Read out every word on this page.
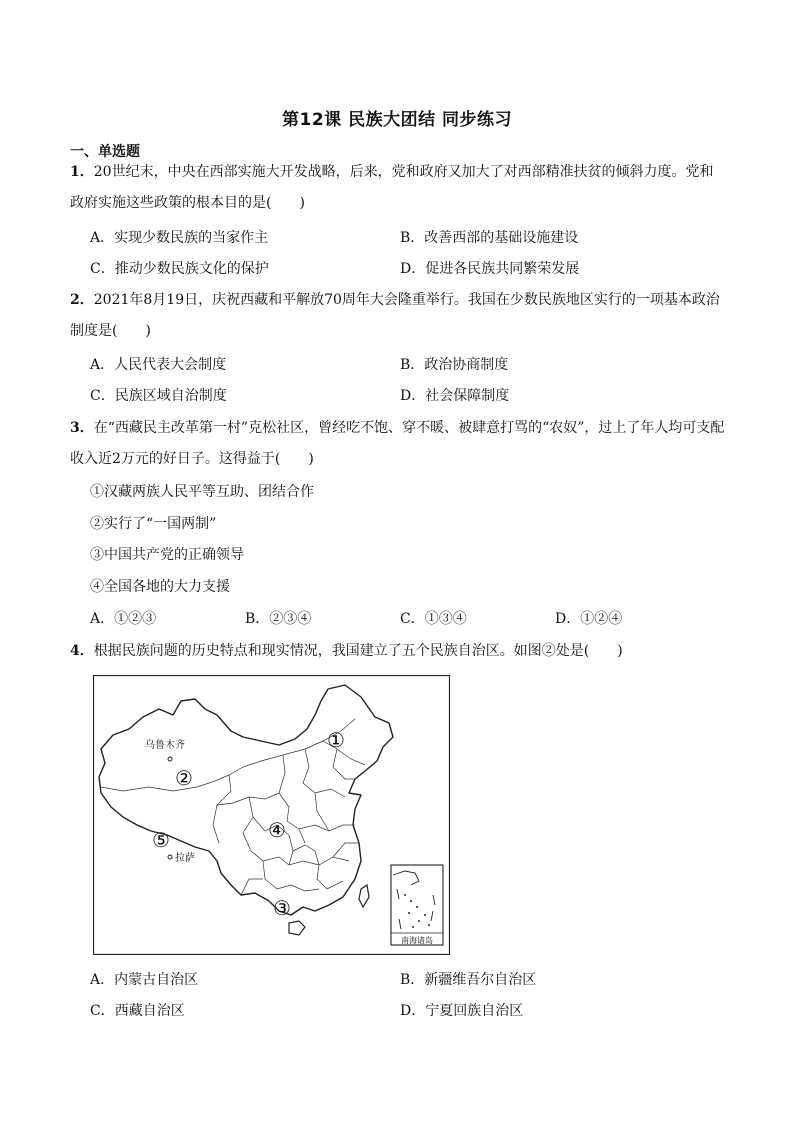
第12课 民族大团结 同步练习
一、单选题
1．20世纪末，中央在西部实施大开发战略，后来，党和政府又加大了对西部精准扶贫的倾斜力度。党和政府实施这些政策的根本目的是(　　)
A．实现少数民族的当家作主	B．改善西部的基础设施建设
C．推动少数民族文化的保护	D．促进各民族共同繁荣发展
2．2021年8月19日，庆祝西藏和平解放70周年大会隆重举行。我国在少数民族地区实行的一项基本政治制度是(　　)
A．人民代表大会制度	B．政治协商制度
C．民族区域自治制度	D．社会保障制度
3．在“西藏民主改革第一村”克松社区，曾经吃不饱、穿不暖、被肆意打骂的“农奴”，过上了年人均可支配收入近2万元的好日子。这得益于(　　)
①汉藏两族人民平等互助、团结合作
②实行了“一国两制”
③中国共产党的正确领导
④全国各地的大力支援
A．①②③	B．②③④	C．①③④	D．①②④
4．根据民族问题的历史特点和现实情况，我国建立了五个民族自治区。如图②处是(　　)
南海诸岛
乌鲁木齐
拉萨
①
②
③
④
⑤
A．内蒙古自治区	B．新疆维吾尔自治区
C．西藏自治区	D．宁夏回族自治区
